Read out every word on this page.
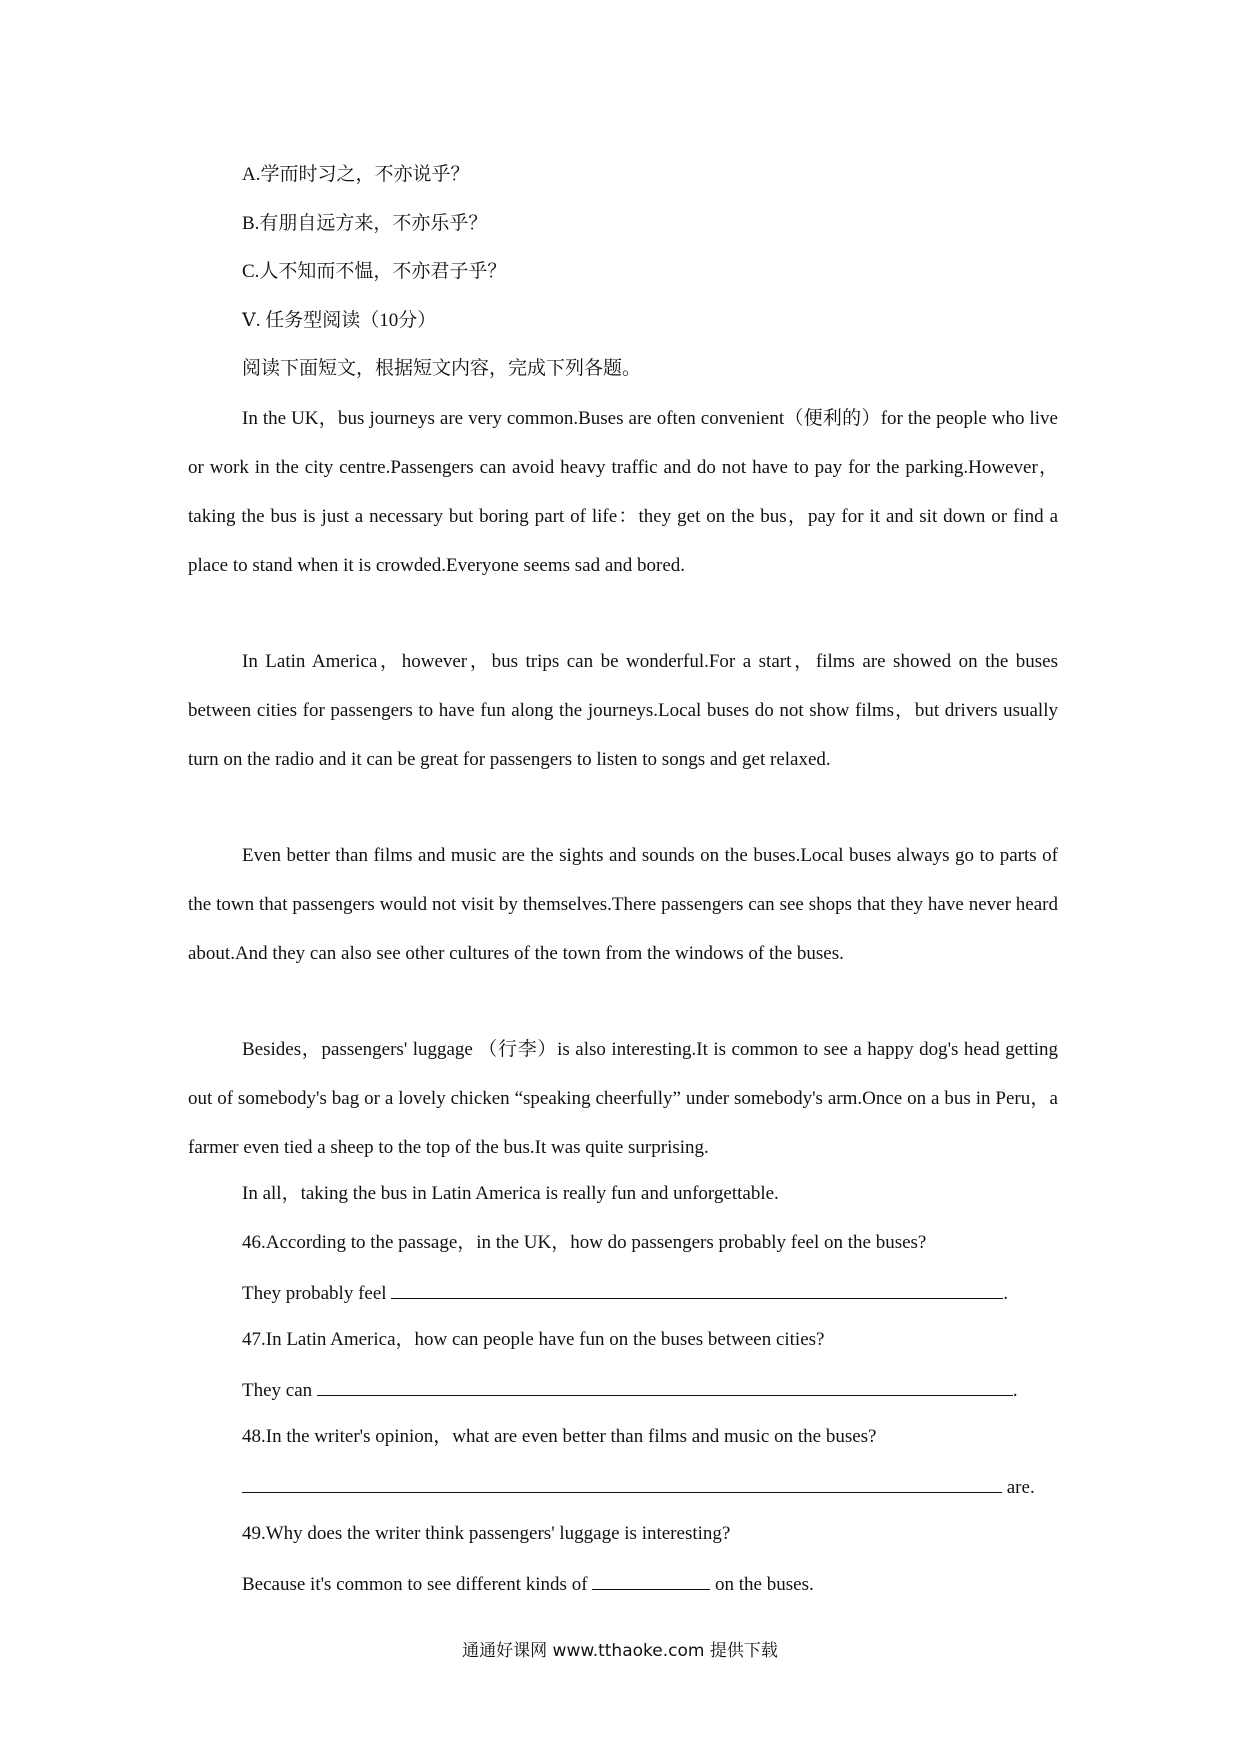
A.学而时习之，不亦说乎？
B.有朋自远方来，不亦乐乎？
C.人不知而不愠，不亦君子乎？
Ⅴ. 任务型阅读（10分）
阅读下面短文，根据短文内容，完成下列各题。
In the UK，bus journeys are very common.Buses are often convenient（便利的）for the people who live or work in the city centre.Passengers can avoid heavy traffic and do not have to pay for the parking.However，taking the bus is just a necessary but boring part of life：they get on the bus，pay for it and sit down or find a place to stand when it is crowded.Everyone seems sad and bored.
In Latin America，however，bus trips can be wonderful.For a start，films are showed on the buses between cities for passengers to have fun along the journeys.Local buses do not show films，but drivers usually turn on the radio and it can be great for passengers to listen to songs and get relaxed.
Even better than films and music are the sights and sounds on the buses.Local buses always go to parts of the town that passengers would not visit by themselves.There passengers can see shops that they have never heard about.And they can also see other cultures of the town from the windows of the buses.
Besides，passengers' luggage （行李）is also interesting.It is common to see a happy dog's head getting out of somebody's bag or a lovely chicken “speaking cheerfully” under somebody's arm.Once on a bus in Peru，a farmer even tied a sheep to the top of the bus.It was quite surprising.
In all，taking the bus in Latin America is really fun and unforgettable.
46.According to the passage，in the UK，how do passengers probably feel on the buses?
They probably feel	.
47.In Latin America，how can people have fun on the buses between cities?
They can	.
48.In the writer's opinion，what are even better than films and music on the buses?
are.
49.Why does the writer think passengers' luggage is interesting?
Because it's common to see different kinds of	on the buses.
通通好课网 www.tthaoke.com 提供下载
